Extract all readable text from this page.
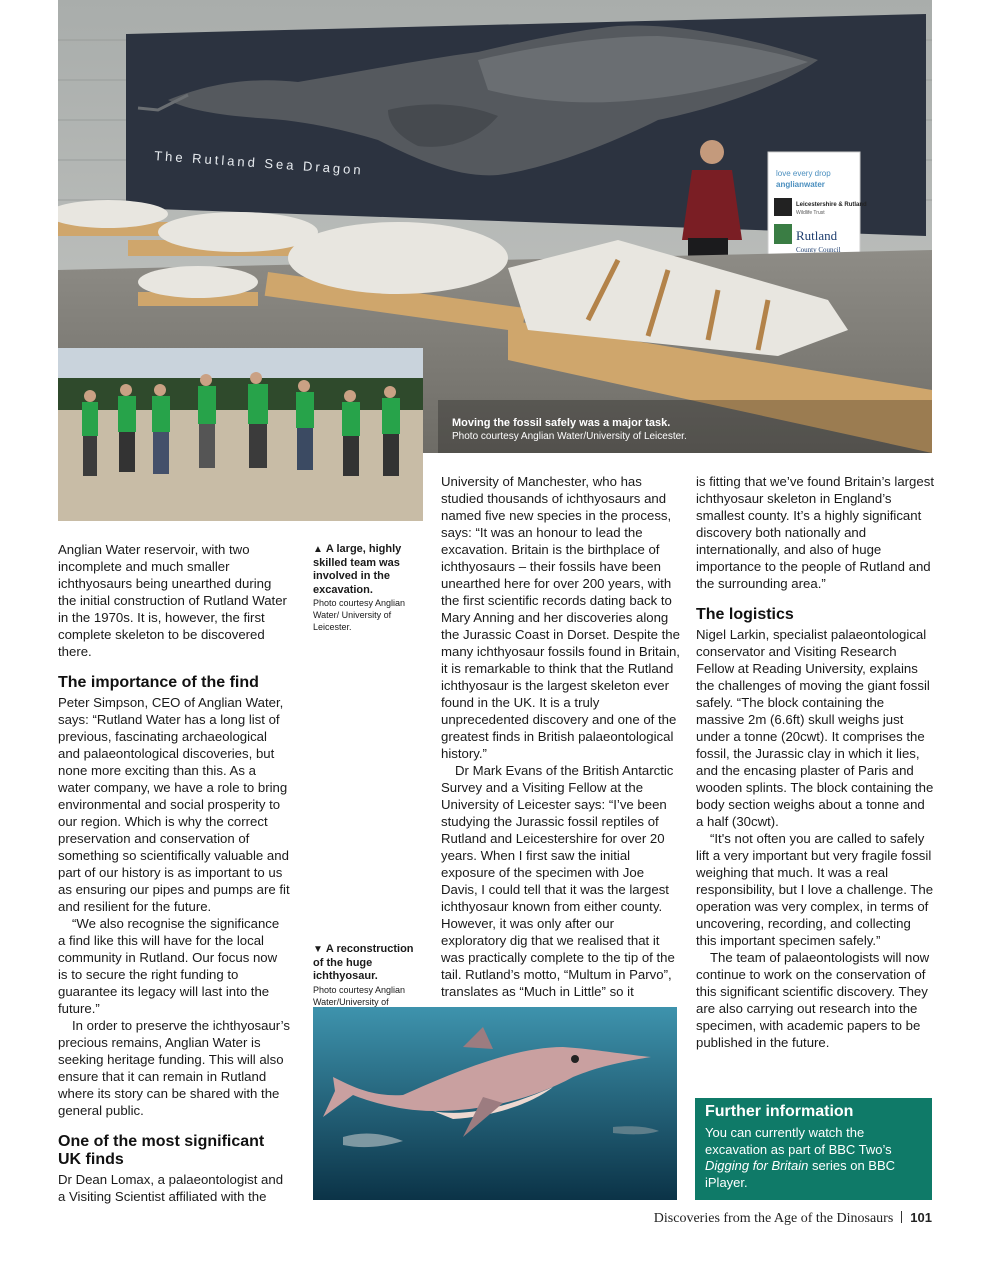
The Rutland Sea Dragon	love every drop
anglianwater
Leicestershire & Rutland
Wildlife Trust
Rutland
County Council
Moving the fossil safely was a major task.
Photo courtesy Anglian Water/University of Leicester.
▲ A large, highly skilled team was involved in the excavation.
Photo courtesy Anglian Water/ University of Leicester.
▼ A reconstruction of the huge ichthyosaur.
Photo courtesy Anglian Water/University of

Anglian Water reservoir, with two incomplete and much smaller ichthyosaurs being unearthed during the initial construction of Rutland Water in the 1970s. It is, however, the first complete skeleton to be discovered there.

The importance of the find

Peter Simpson, CEO of Anglian Water, says: “Rutland Water has a long list of previous, fascinating archaeological and palaeontological discoveries, but none more exciting than this. As a water company, we have a role to bring environmental and social prosperity to our region. Which is why the correct preservation and conservation of something so scientifically valuable and part of our history is as important to us as ensuring our pipes and pumps are fit and resilient for the future.

“We also recognise the significance a find like this will have for the local community in Rutland. Our focus now is to secure the right funding to guarantee its legacy will last into the future.”

In order to preserve the ichthyosaur’s precious remains, Anglian Water is seeking heritage funding. This will also ensure that it can remain in Rutland where its story can be shared with the general public.

One of the most significant UK finds

Dr Dean Lomax, a palaeontologist and a Visiting Scientist affiliated with the

University of Manchester, who has studied thousands of ichthyosaurs and named five new species in the process, says: “It was an honour to lead the excavation. Britain is the birthplace of ichthyosaurs – their fossils have been unearthed here for over 200 years, with the first scientific records dating back to Mary Anning and her discoveries along the Jurassic Coast in Dorset. Despite the many ichthyosaur fossils found in Britain, it is remarkable to think that the Rutland ichthyosaur is the largest skeleton ever found in the UK. It is a truly unprecedented discovery and one of the greatest finds in British palaeontological history.”

Dr Mark Evans of the British Antarctic Survey and a Visiting Fellow at the University of Leicester says: “I’ve been studying the Jurassic fossil reptiles of Rutland and Leicestershire for over 20 years. When I first saw the initial exposure of the specimen with Joe Davis, I could tell that it was the largest ichthyosaur known from either county. However, it was only after our exploratory dig that we realised that it was practically complete to the tip of the tail. Rutland’s motto, “Multum in Parvo”, translates as “Much in Little” so it

is fitting that we’ve found Britain’s largest ichthyosaur skeleton in England’s smallest county. It’s a highly significant discovery both nationally and internationally, and also of huge importance to the people of Rutland and the surrounding area.”

The logistics

Nigel Larkin, specialist palaeontological conservator and Visiting Research Fellow at Reading University, explains the challenges of moving the giant fossil safely. “The block containing the massive 2m (6.6ft) skull weighs just under a tonne (20cwt). It comprises the fossil, the Jurassic clay in which it lies, and the encasing plaster of Paris and wooden splints. The block containing the body section weighs about a tonne and a half (30cwt).

“It's not often you are called to safely lift a very important but very fragile fossil weighing that much. It was a real responsibility, but I love a challenge. The operation was very complex, in terms of uncovering, recording, and collecting this important specimen safely.”

The team of palaeontologists will now continue to work on the conservation of this significant scientific discovery. They are also carrying out research into the specimen, with academic papers to be published in the future.

Further information
You can currently watch the excavation as part of BBC Two’s Digging for Britain series on BBC iPlayer.
Discoveries from the Age of the Dinosaurs 101
